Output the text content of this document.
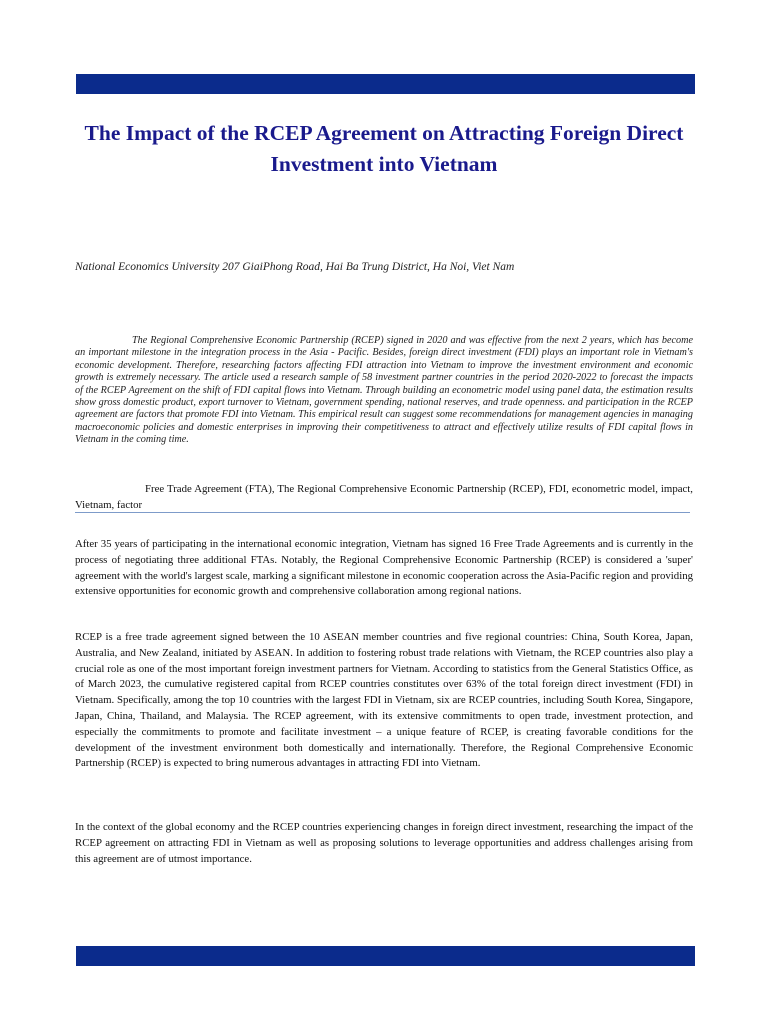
The Impact of the RCEP Agreement on Attracting Foreign Direct Investment into Vietnam
National Economics University 207 GiaiPhong Road, Hai Ba Trung District, Ha Noi, Viet Nam

The Regional Comprehensive Economic Partnership (RCEP) signed in 2020 and was effective from the next 2 years, which has become an important milestone in the integration process in the Asia - Pacific. Besides, foreign direct investment (FDI) plays an important role in Vietnam's economic development. Therefore, researching factors affecting FDI attraction into Vietnam to improve the investment environment and economic growth is extremely necessary. The article used a research sample of 58 investment partner countries in the period 2020-2022 to forecast the impacts of the RCEP Agreement on the shift of FDI capital flows into Vietnam. Through building an econometric model using panel data, the estimation results show gross domestic product, export turnover to Vietnam, government spending, national reserves, and trade openness. and participation in the RCEP agreement are factors that promote FDI into Vietnam. This empirical result can suggest some recommendations for management agencies in managing macroeconomic policies and domestic enterprises in improving their competitiveness to attract and effectively utilize results of FDI capital flows in Vietnam in the coming time.

Free Trade Agreement (FTA), The Regional Comprehensive Economic Partnership (RCEP), FDI, econometric model, impact, Vietnam, factor

After 35 years of participating in the international economic integration, Vietnam has signed 16 Free Trade Agreements and is currently in the process of negotiating three additional FTAs. Notably, the Regional Comprehensive Economic Partnership (RCEP) is considered a 'super' agreement with the world's largest scale, marking a significant milestone in economic cooperation across the Asia-Pacific region and providing extensive opportunities for economic growth and comprehensive collaboration among regional nations.

RCEP is a free trade agreement signed between the 10 ASEAN member countries and five regional countries: China, South Korea, Japan, Australia, and New Zealand, initiated by ASEAN. In addition to fostering robust trade relations with Vietnam, the RCEP countries also play a crucial role as one of the most important foreign investment partners for Vietnam. According to statistics from the General Statistics Office, as of March 2023, the cumulative registered capital from RCEP countries constitutes over 63% of the total foreign direct investment (FDI) in Vietnam. Specifically, among the top 10 countries with the largest FDI in Vietnam, six are RCEP countries, including South Korea, Singapore, Japan, China, Thailand, and Malaysia. The RCEP agreement, with its extensive commitments to open trade, investment protection, and especially the commitments to promote and facilitate investment – a unique feature of RCEP, is creating favorable conditions for the development of the investment environment both domestically and internationally. Therefore, the Regional Comprehensive Economic Partnership (RCEP) is expected to bring numerous advantages in attracting FDI into Vietnam.

In the context of the global economy and the RCEP countries experiencing changes in foreign direct investment, researching the impact of the RCEP agreement on attracting FDI in Vietnam as well as proposing solutions to leverage opportunities and address challenges arising from this agreement are of utmost importance.
